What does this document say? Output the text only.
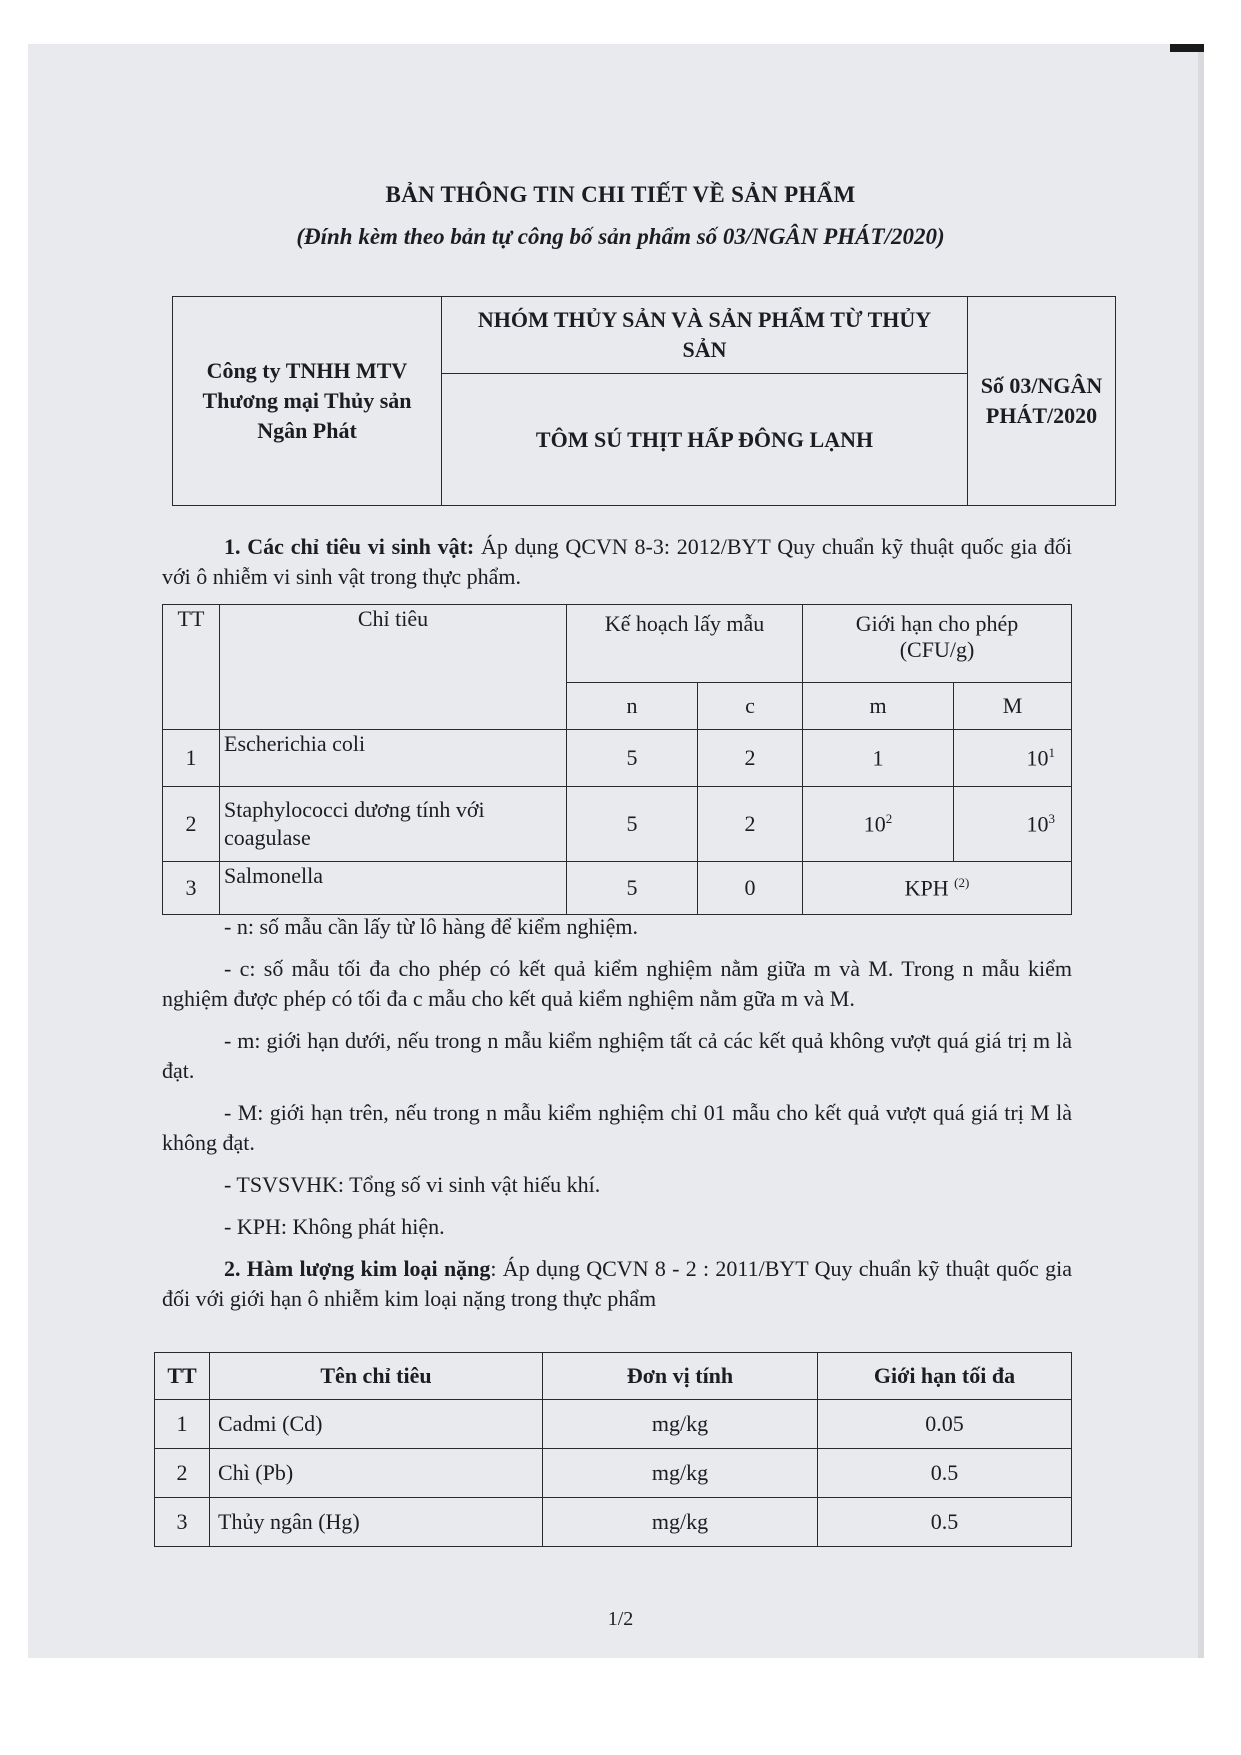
BẢN THÔNG TIN CHI TIẾT VỀ SẢN PHẨM
(Đính kèm theo bản tự công bố sản phẩm số 03/NGÂN PHÁT/2020)
Công ty TNHH MTV Thương mại Thủy sản Ngân Phát	NHÓM THỦY SẢN VÀ SẢN PHẨM TỪ THỦY SẢN	Số 03/NGÂN PHÁT/2020
TÔM SÚ THỊT HẤP ĐÔNG LẠNH
1. Các chỉ tiêu vi sinh vật: Áp dụng QCVN 8-3: 2012/BYT Quy chuẩn kỹ thuật quốc gia đối với ô nhiễm vi sinh vật trong thực phẩm.
TT	Chỉ tiêu	Kế hoạch lấy mẫu		Giới hạn cho phép (CFU/g)	
		n	c	m	M
1	Escherichia coli	5	2	1	$10^1$
2	Staphylococci dương tính với coagulase	5	2	$10^2$	$10^3$
3	Salmonella	5	0	KPH $^{(2)}$
- n: số mẫu cần lấy từ lô hàng để kiểm nghiệm.
- c: số mẫu tối đa cho phép có kết quả kiểm nghiệm nằm giữa m và M. Trong n mẫu kiểm nghiệm được phép có tối đa c mẫu cho kết quả kiểm nghiệm nằm gữa m và M.
- m: giới hạn dưới, nếu trong n mẫu kiểm nghiệm tất cả các kết quả không vượt quá giá trị m là đạt.
- M: giới hạn trên, nếu trong n mẫu kiểm nghiệm chỉ 01 mẫu cho kết quả vượt quá giá trị M là không đạt.
- TSVSVHK: Tổng số vi sinh vật hiếu khí.
- KPH: Không phát hiện.
2. Hàm lượng kim loại nặng: Áp dụng QCVN 8 - 2 : 2011/BYT Quy chuẩn kỹ thuật quốc gia đối với giới hạn ô nhiễm kim loại nặng trong thực phẩm
TT	Tên chỉ tiêu	Đơn vị tính	Giới hạn tối đa
1	Cadmi (Cd)	mg/kg	0.05
2	Chì (Pb)	mg/kg	0.5
3	Thủy ngân (Hg)	mg/kg	0.5
1/2
